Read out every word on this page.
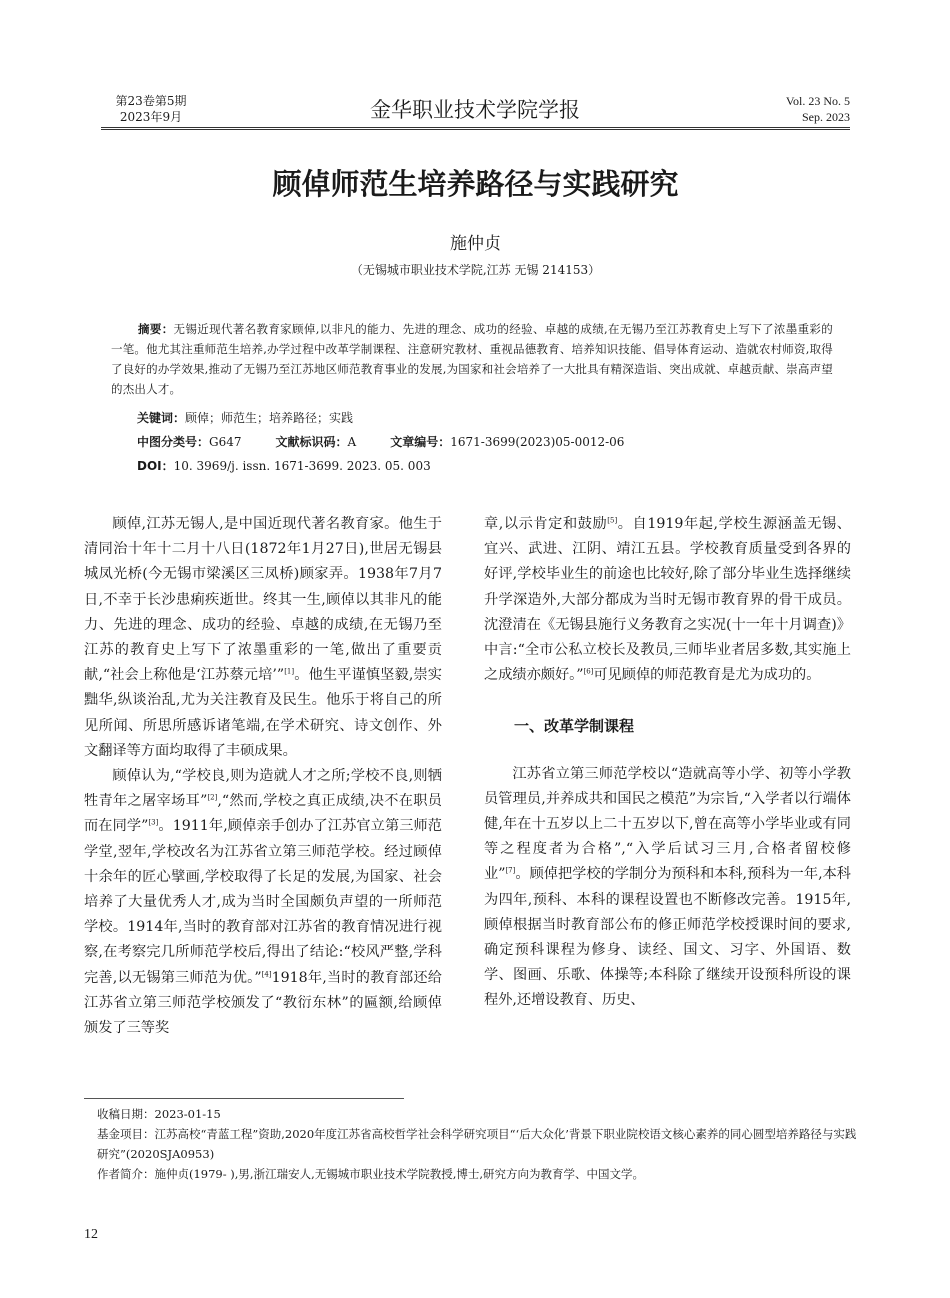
第23卷第5期
2023年9月	金华职业技术学院学报	Vol. 23 No. 5
Sep. 2023
顾倬师范生培养路径与实践研究
施仲贞
（无锡城市职业技术学院,江苏 无锡 214153）
摘要：无锡近现代著名教育家顾倬,以非凡的能力、先进的理念、成功的经验、卓越的成绩,在无锡乃至江苏教育史上写下了浓墨重彩的一笔。他尤其注重师范生培养,办学过程中改革学制课程、注意研究教材、重视品德教育、培养知识技能、倡导体育运动、造就农村师资,取得了良好的办学效果,推动了无锡乃至江苏地区师范教育事业的发展,为国家和社会培养了一大批具有精深造诣、突出成就、卓越贡献、崇高声望的杰出人才。
关键词：顾倬；师范生；培养路径；实践
中图分类号：G647	文献标识码：A	文章编号：1671-3699(2023)05-0012-06
DOI：10. 3969/j. issn. 1671-3699. 2023. 05. 003

顾倬,江苏无锡人,是中国近现代著名教育家。他生于清同治十年十二月十八日(1872年1月27日),世居无锡县城凤光桥(今无锡市梁溪区三凤桥)顾家弄。1938年7月7日,不幸于长沙患痢疾逝世。终其一生,顾倬以其非凡的能力、先进的理念、成功的经验、卓越的成绩,在无锡乃至江苏的教育史上写下了浓墨重彩的一笔,做出了重要贡献,“社会上称他是‘江苏蔡元培’”[1]。他生平谨慎坚毅,崇实黜华,纵谈治乱,尤为关注教育及民生。他乐于将自己的所见所闻、所思所感诉诸笔端,在学术研究、诗文创作、外文翻译等方面均取得了丰硕成果。

顾倬认为,“学校良,则为造就人才之所;学校不良,则牺牲青年之屠宰场耳”[2],“然而,学校之真正成绩,决不在职员而在同学”[3]。1911年,顾倬亲手创办了江苏官立第三师范学堂,翌年,学校改名为江苏省立第三师范学校。经过顾倬十余年的匠心擘画,学校取得了长足的发展,为国家、社会培养了大量优秀人才,成为当时全国颇负声望的一所师范学校。1914年,当时的教育部对江苏省的教育情况进行视察,在考察完几所师范学校后,得出了结论:“校风严整,学科完善,以无锡第三师范为优。”[4]1918年,当时的教育部还给江苏省立第三师范学校颁发了“教衍东林”的匾额,给顾倬颁发了三等奖

章,以示肯定和鼓励[5]。自1919年起,学校生源涵盖无锡、宜兴、武进、江阴、靖江五县。学校教育质量受到各界的好评,学校毕业生的前途也比较好,除了部分毕业生选择继续升学深造外,大部分都成为当时无锡市教育界的骨干成员。沈澄清在《无锡县施行义务教育之实况(十一年十月调查)》中言:“全市公私立校长及教员,三师毕业者居多数,其实施上之成绩亦颇好。”[6]可见顾倬的师范教育是尤为成功的。

一、改革学制课程

江苏省立第三师范学校以“造就高等小学、初等小学教员管理员,并养成共和国民之模范”为宗旨,“入学者以行端体健,年在十五岁以上二十五岁以下,曾在高等小学毕业或有同等之程度者为合格”,“入学后试习三月,合格者留校修业”[7]。顾倬把学校的学制分为预科和本科,预科为一年,本科为四年,预科、本科的课程设置也不断修改完善。1915年,顾倬根据当时教育部公布的修正师范学校授课时间的要求,确定预科课程为修身、读经、国文、习字、外国语、数学、图画、乐歌、体操等;本科除了继续开设预科所设的课程外,还增设教育、历史、

收稿日期：2023-01-15

基金项目：江苏高校“青蓝工程”资助,2020年度江苏省高校哲学社会科学研究项目“‘后大众化’背景下职业院校语文核心素养的同心圆型培养路径与实践研究”(2020SJA0953)

作者简介：施仲贞(1979- ),男,浙江瑞安人,无锡城市职业技术学院教授,博士,研究方向为教育学、中国文学。

12
